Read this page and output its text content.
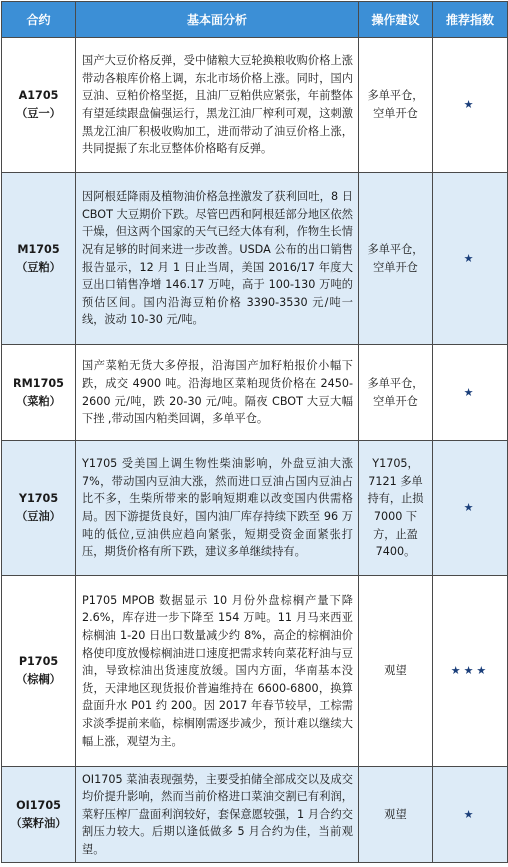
合约	基本面分析	操作建议	推荐指数

A1705
（豆一）	国产大豆价格反弹，受中储粮大豆轮换粮收购价格上涨带动各粮库价格上调，东北市场价格上涨。同时，国内豆油、豆粕价格坚挺，且油厂豆粕供应紧张，年前整体有望延续跟盘偏强运行，黑龙江油厂榨利可观，这刺激黑龙江油厂积极收购加工，进而带动了油豆价格上涨，共同提振了东北豆整体价格略有反弹。	多单平仓，空单开仓	★

M1705
（豆粕）	因阿根廷降雨及植物油价格急挫激发了获利回吐，8 日 CBOT 大豆期价下跌。尽管巴西和阿根廷部分地区依然干燥，但这两个国家的天气已经大体有利，作物生长情况有足够的时间来进一步改善。USDA 公布的出口销售报告显示，12 月 1 日止当周，美国 2016/17 年度大豆出口销售净增 146.17 万吨，高于 100-130 万吨的预估区间。国内沿海豆粕价格 3390-3530 元/吨一线，波动 10-30 元/吨。	多单平仓，空单开仓	★

RM1705
（菜粕）	国产菜粕无货大多停报，沿海国产加籽粕报价小幅下跌，成交 4900 吨。沿海地区菜粕现货价格在 2450-2600 元/吨，跌 20-30 元/吨。隔夜 CBOT 大豆大幅下挫 ,带动国内粕类回调，多单平仓。	多单平仓，空单开仓	★

Y1705
（豆油）	Y1705 受美国上调生物性柴油影响，外盘豆油大涨 7%，带动国内豆油大涨，然而进口豆油占国内豆油占比不多，生柴所带来的影响短期难以改变国内供需格局。因下游提货良好，国内油厂库存持续下跌至 96 万吨的低位,豆油供应趋向紧张，短期受资金面紧张打压，期货价格有所下跌，建议多单继续持有。	Y1705，7121 多单持有，止损 7000 下方，止盈 7400。	★

P1705
（棕榈）	P1705 MPOB 数据显示 10 月份外盘棕榈产量下降 2.6%，库存进一步下降至 154 万吨。11 月马来西亚棕榈油 1-20 日出口数量减少约 8%，高企的棕榈油价格使印度放慢棕榈油进口速度把需求转向菜花籽油与豆油，导致棕油出货速度放缓。国内方面，华南基本没货，天津地区现货报价普遍维持在 6600-6800，换算盘面升水 P01 约 200。因 2017 年春节较早，工棕需求淡季提前来临，棕榈刚需逐步减少，预计难以继续大幅上涨，观望为主。	观望	★★★

OI1705
（菜籽油）	OI1705 菜油表现强势，主要受拍储全部成交以及成交均价提升影响，然而当前价格进口菜油交割已有利润，菜籽压榨厂盘面利润较好，套保意愿较强，1 月合约交割压力较大。后期以逢低做多 5 月合约为佳，当前观望。	观望	★
